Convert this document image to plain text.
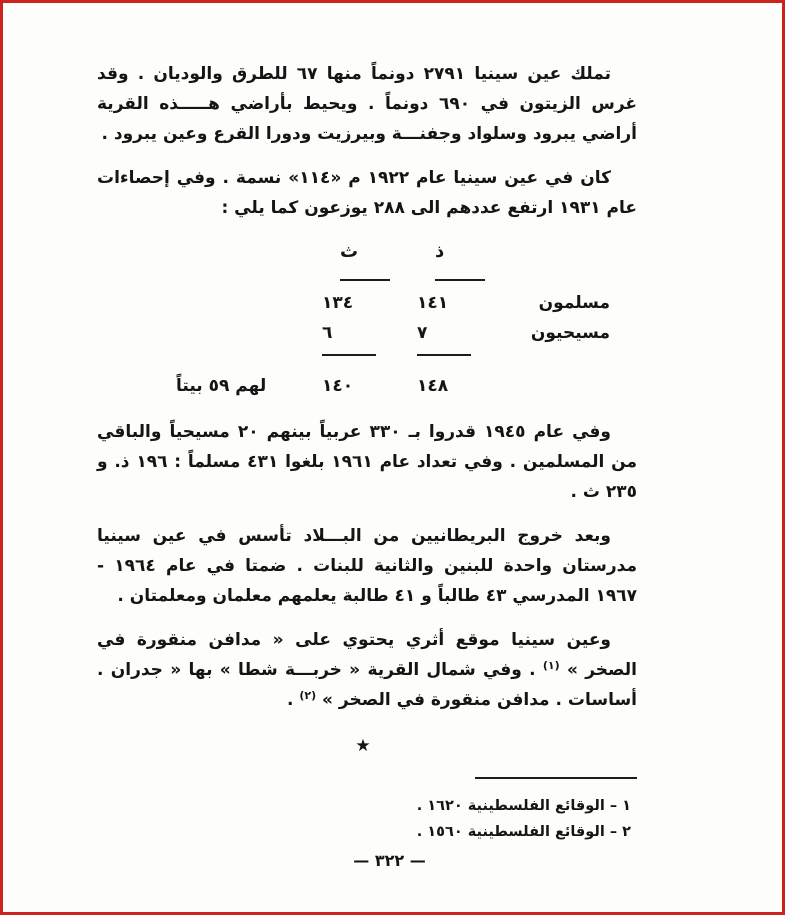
تملك عين سينيا ٢٧٩١ دونماً منها ٦٧ للطرق والوديان . وقد غرس الزيتون في ٦٩٠ دونماً . ويحيط بأراضي هـــــذه القرية أراضي يبرود وسلواد وجفنـــة وبيرزيت ودورا القرع وعين يبرود .

كان في عين سينيا عام ١٩٢٢ م «١١٤» نسمة . وفي إحصاءات عام ١٩٣١ ارتفع عددهم الى ٢٨٨ يوزعون كما يلي :

ذ
ث
مسلمون
١٤١
١٣٤
مسيحيون
٧
٦
١٤٨
١٤٠
لهم ٥٩ بيتاً

وفي عام ١٩٤٥ قدروا بـ ٣٣٠ عربياً بينهم ٢٠ مسيحياً والباقي من المسلمين . وفي تعداد عام ١٩٦١ بلغوا ٤٣١ مسلماً : ١٩٦ ذ. و ٢٣٥ ث .

وبعد خروج البريطانيين من البـــلاد تأسس في عين سينيا مدرستان واحدة للبنين والثانية للبنات . ضمتا في عام ١٩٦٤ - ١٩٦٧ المدرسي ٤٣ طالباً و ٤١ طالبة يعلمهم معلمان ومعلمتان .

وعين سينيا موقع أثري يحتوي على « مدافن منقورة في الصخر » $^{(١)}$ . وفي شمال القرية « خربـــة شطا » بها « جدران . أساسات . مدافن منقورة في الصخر » $^{(٢)}$ .

★
١ – الوقائع الفلسطينية ١٦٢٠ .
٢ – الوقائع الفلسطينية ١٥٦٠ .
— ٣٢٢ —
